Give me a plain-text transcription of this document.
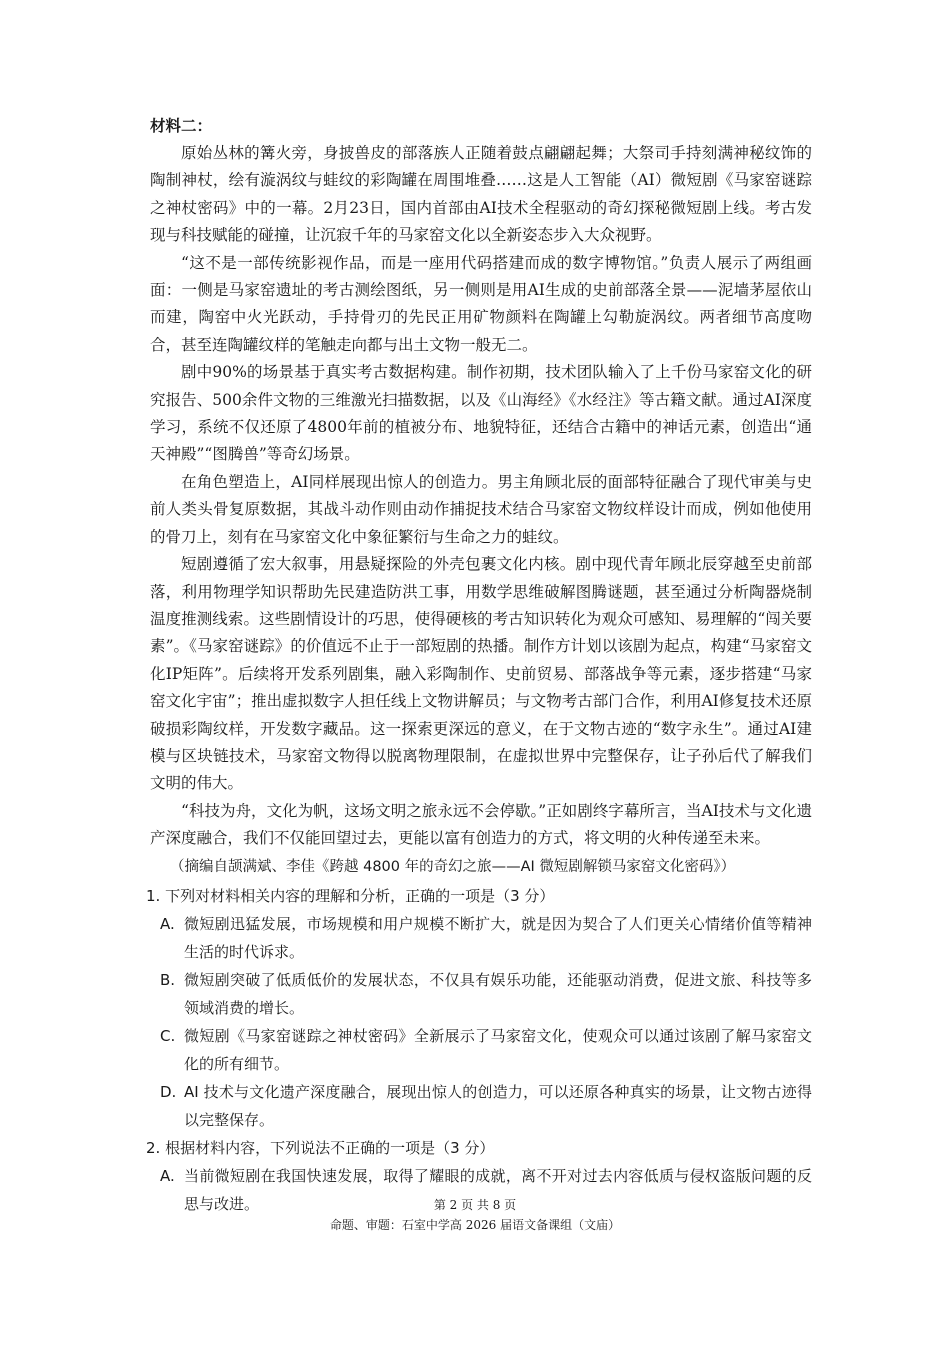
材料二：

原始丛林的篝火旁，身披兽皮的部落族人正随着鼓点翩翩起舞；大祭司手持刻满神秘纹饰的陶制神杖，绘有漩涡纹与蛙纹的彩陶罐在周围堆叠……这是人工智能（AI）微短剧《马家窑谜踪之神杖密码》中的一幕。2月23日，国内首部由AI技术全程驱动的奇幻探秘微短剧上线。考古发现与科技赋能的碰撞，让沉寂千年的马家窑文化以全新姿态步入大众视野。

“这不是一部传统影视作品，而是一座用代码搭建而成的数字博物馆。”负责人展示了两组画面：一侧是马家窑遗址的考古测绘图纸，另一侧则是用AI生成的史前部落全景——泥墙茅屋依山而建，陶窑中火光跃动，手持骨刃的先民正用矿物颜料在陶罐上勾勒旋涡纹。两者细节高度吻合，甚至连陶罐纹样的笔触走向都与出土文物一般无二。

剧中90%的场景基于真实考古数据构建。制作初期，技术团队输入了上千份马家窑文化的研究报告、500余件文物的三维激光扫描数据，以及《山海经》《水经注》等古籍文献。通过AI深度学习，系统不仅还原了4800年前的植被分布、地貌特征，还结合古籍中的神话元素，创造出“通天神殿”“图腾兽”等奇幻场景。

在角色塑造上，AI同样展现出惊人的创造力。男主角顾北辰的面部特征融合了现代审美与史前人类头骨复原数据，其战斗动作则由动作捕捉技术结合马家窑文物纹样设计而成，例如他使用的骨刀上，刻有在马家窑文化中象征繁衍与生命之力的蛙纹。

短剧遵循了宏大叙事，用悬疑探险的外壳包裹文化内核。剧中现代青年顾北辰穿越至史前部落，利用物理学知识帮助先民建造防洪工事，用数学思维破解图腾谜题，甚至通过分析陶器烧制温度推测线索。这些剧情设计的巧思，使得硬核的考古知识转化为观众可感知、易理解的“闯关要素”。《马家窑谜踪》的价值远不止于一部短剧的热播。制作方计划以该剧为起点，构建“马家窑文化IP矩阵”。后续将开发系列剧集，融入彩陶制作、史前贸易、部落战争等元素，逐步搭建“马家窑文化宇宙”；推出虚拟数字人担任线上文物讲解员；与文物考古部门合作，利用AI修复技术还原破损彩陶纹样，开发数字藏品。这一探索更深远的意义，在于文物古迹的“数字永生”。通过AI建模与区块链技术，马家窑文物得以脱离物理限制，在虚拟世界中完整保存，让子孙后代了解我们文明的伟大。

“科技为舟，文化为帆，这场文明之旅永远不会停歇。”正如剧终字幕所言，当AI技术与文化遗产深度融合，我们不仅能回望过去，更能以富有创造力的方式，将文明的火种传递至未来。

（摘编自颉满斌、李佳《跨越 4800 年的奇幻之旅——AI 微短剧解锁马家窑文化密码》）

1. 下列对材料相关内容的理解和分析，正确的一项是（3 分）

A. 微短剧迅猛发展，市场规模和用户规模不断扩大，就是因为契合了人们更关心情绪价值等精神生活的时代诉求。
B. 微短剧突破了低质低价的发展状态，不仅具有娱乐功能，还能驱动消费，促进文旅、科技等多领域消费的增长。
C. 微短剧《马家窑谜踪之神杖密码》全新展示了马家窑文化，使观众可以通过该剧了解马家窑文化的所有细节。
D. AI 技术与文化遗产深度融合，展现出惊人的创造力，可以还原各种真实的场景，让文物古迹得以完整保存。

2. 根据材料内容，下列说法不正确的一项是（3 分）

A. 当前微短剧在我国快速发展，取得了耀眼的成就，离不开对过去内容低质与侵权盗版问题的反思与改进。	第 2 页 共 8 页
命题、审题：石室中学高 2026 届语文备课组（文庙）
